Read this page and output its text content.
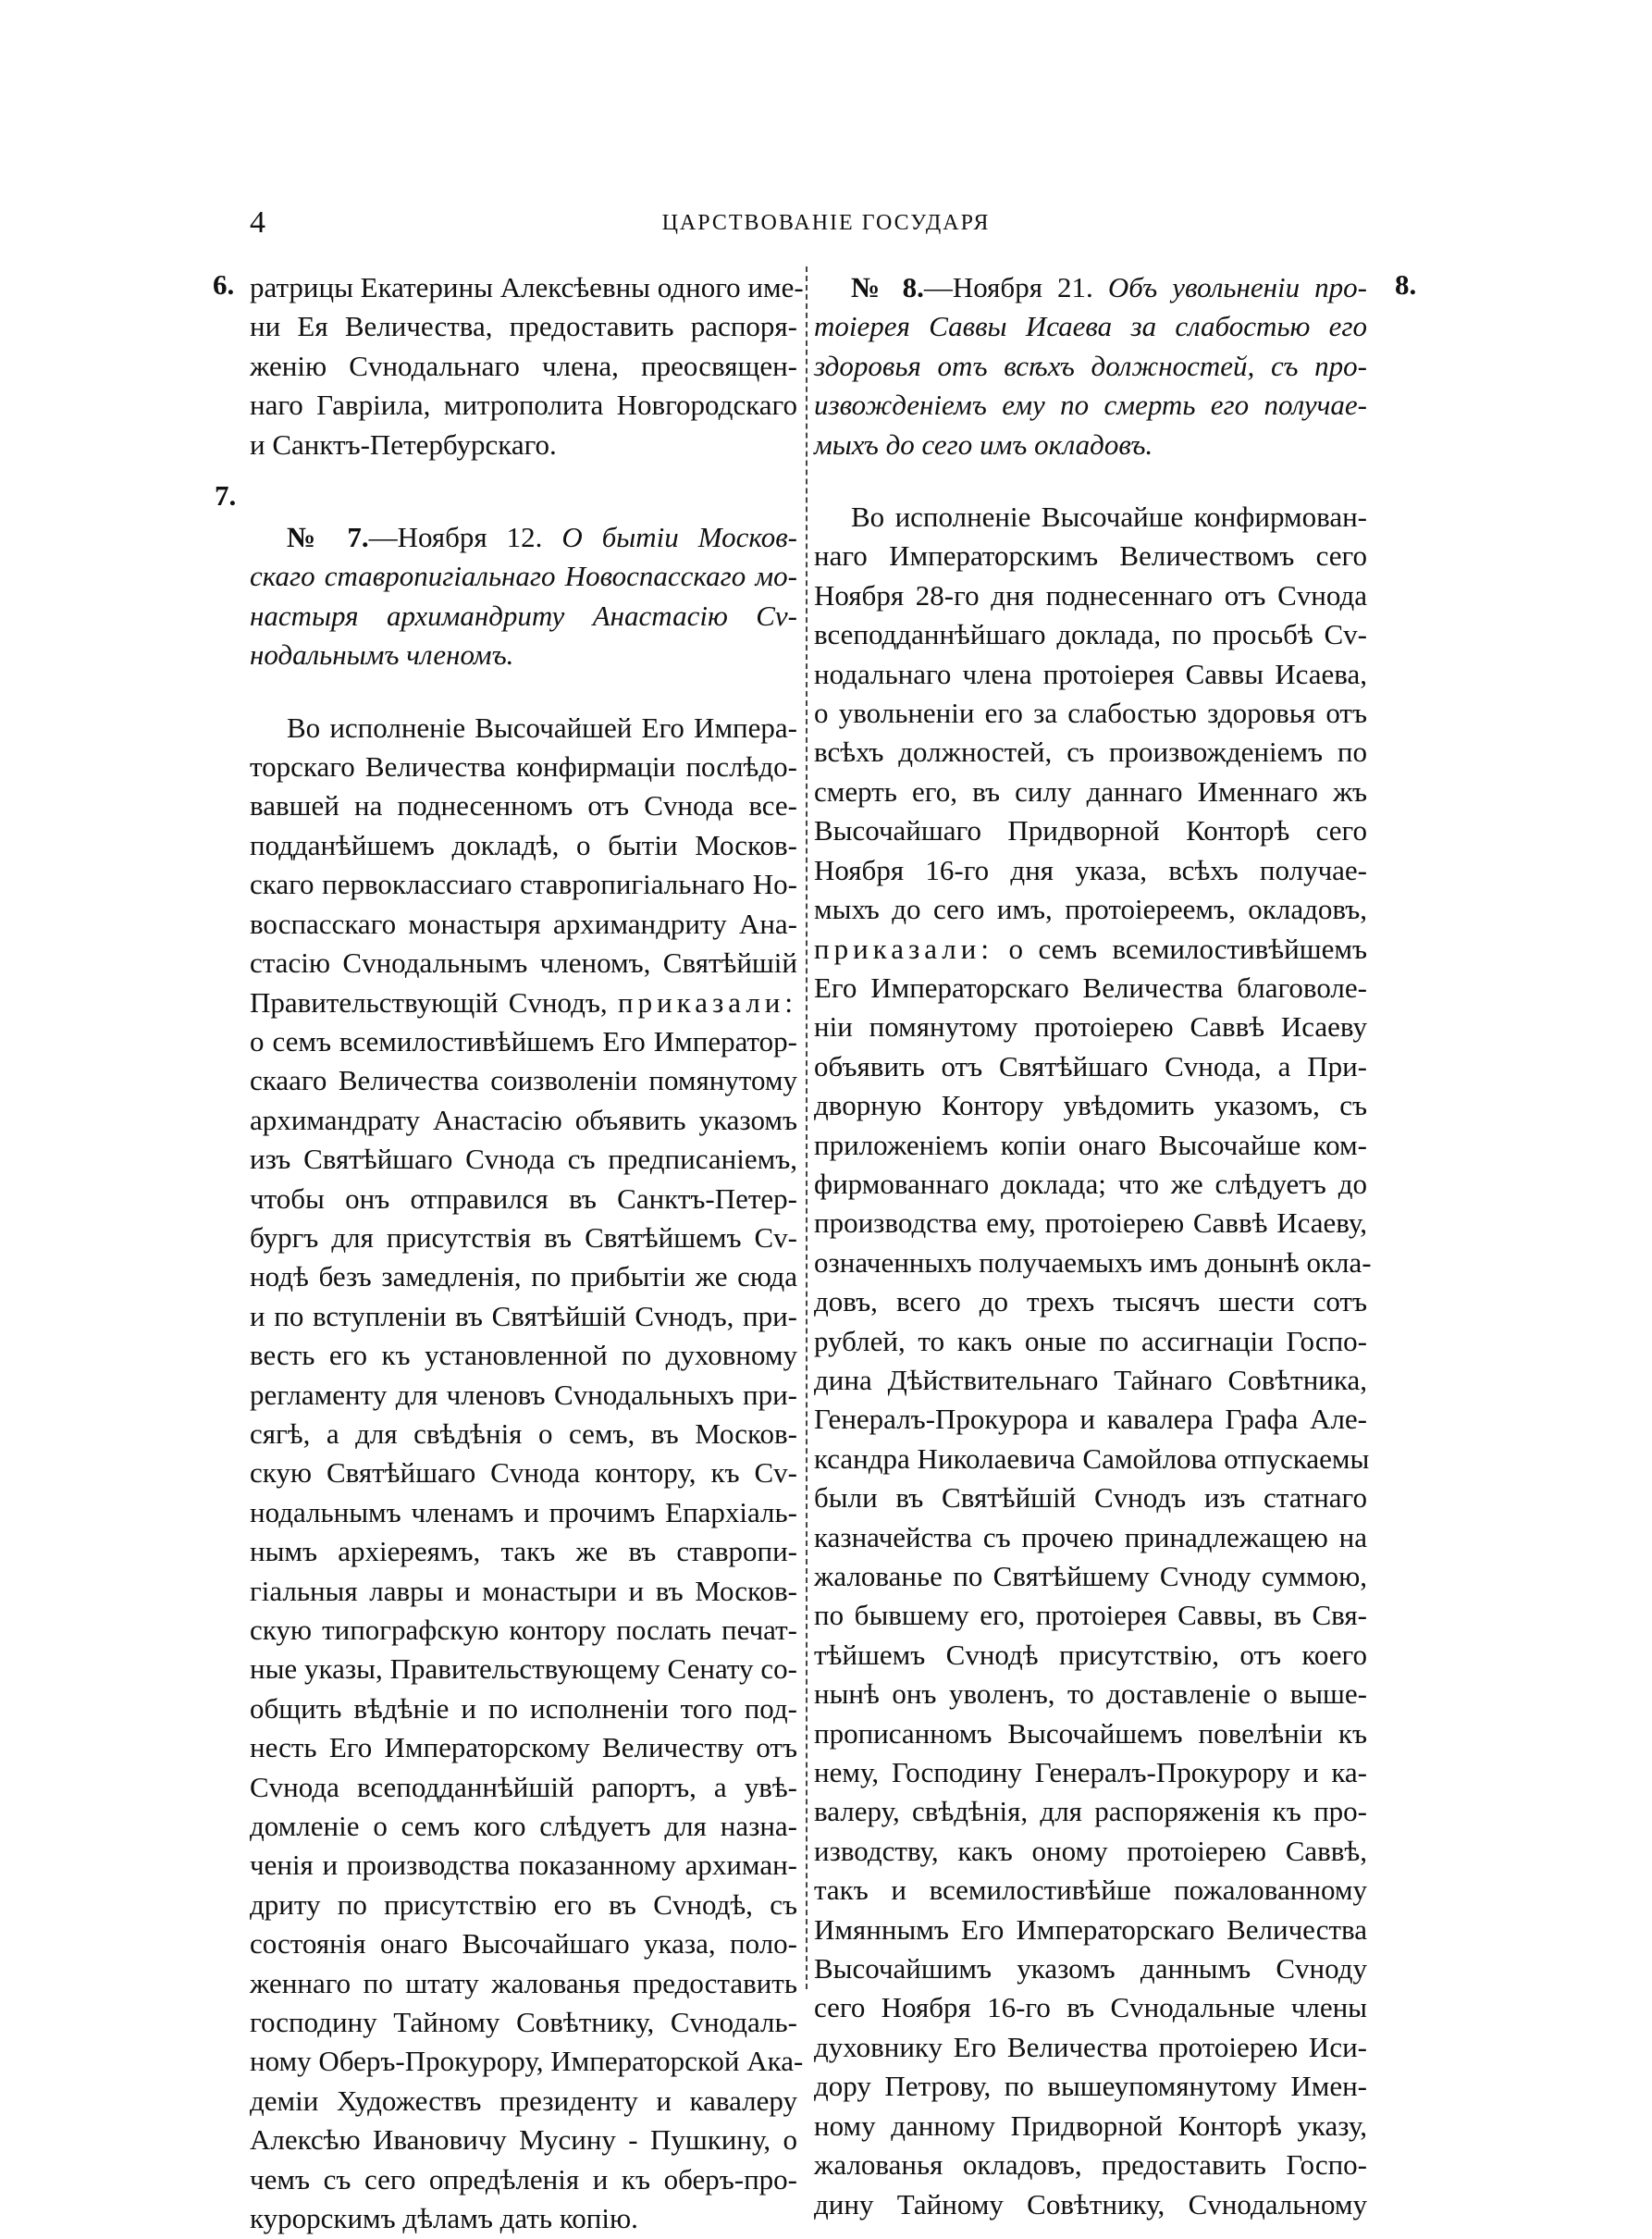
4	ЦАРСТВОВАНІЕ ГОСУДАРЯ
6.
7.
8.
ратрицы Екатерины Алексѣевны одного име-
ни Ея Величества, предоставить распоря-
женію Сvнодальнаго члена, преосвящен-
наго Гавріила, митрополита Новгородскаго
и Санктъ-Петербурскаго.
№ 7.—Ноября 12. О бытіи Москов-
скаго ставропигіальнаго Новоспасскаго мо-
настыря архимандриту Анастасію Сv-
нодальнымъ членомъ.
Во исполненіе Высочайшей Его Импера-
торскаго Величества конфирмаціи послѣдо-
вавшей на поднесенномъ отъ Сvнода все-
подданѣйшемъ докладѣ, о бытіи Москов-
скаго первоклассиаго ставропигіальнаго Но-
воспасскаго монастыря архимандриту Ана-
стасію Сvнодальнымъ членомъ, Святѣйшій
Правительствующій Сvнодъ, приказали:
о семъ всемилостивѣйшемъ Его Император-
скаaго Величества соизволеніи помянутому
архимандрату Анастасію объявить указомъ
изъ Святѣйшаго Сvнода съ предписаніемъ,
чтобы онъ отправился въ Санктъ-Петер-
бургъ для присутствія въ Святѣйшемъ Сv-
нодѣ безъ замедленія, по прибытіи же сюда
и по вступленіи въ Святѣйшій Сvнодъ, при-
весть его къ установленной по духовному
регламенту для членовъ Сvнодальныхъ при-
сягѣ, а для свѣдѣнія о семъ, въ Москов-
скую Святѣйшаго Сvнода контору, къ Сv-
нодальнымъ членамъ и прочимъ Епархіаль-
нымъ архіереямъ, такъ же въ ставропи-
гіальныя лавры и монастыри и въ Москов-
скую типографскую контору послать печат-
ные указы, Правительствующему Сенату со-
общить вѣдѣніе и по исполненіи того под-
несть Его Императорскому Величеству отъ
Сvнода всеподданнѣйшій рапортъ, а увѣ-
домленіе о семъ кого слѣдуетъ для назна-
ченія и производства показанному архиман-
дриту по присутствію его въ Сvнодѣ, съ
состоянія онаго Высочайшаго указа, поло-
женнаго по штату жалованья предоставить
господину Тайному Совѣтнику, Сvнодаль-
ному Оберъ-Прокурору, Императорской Ака-
деміи Художествъ президенту и кавалеру
Алексѣю Ивановичу Мусину - Пушкину, о
чемъ съ сего опредѣленія и къ оберъ-про-
курорскимъ дѣламъ дать копію.
№ 8.—Ноября 21. Объ увольненіи про-
тоіерея Саввы Исаева за слабостью его
здоровья отъ всѣхъ должностей, съ про-
извожденіемъ ему по смерть его получае-
мыхъ до сего имъ окладовъ.
Во исполненіе Высочайше конфирмован-
наго Императорскимъ Величествомъ сего
Ноября 28-го дня поднесеннаго отъ Сvнода
всеподданнѣйшаго доклада, по просьбѣ Сv-
нодальнаго члена протоіерея Саввы Исаева,
о увольненіи его за слабостью здоровья отъ
всѣхъ должностей, съ произвожденіемъ по
смерть его, въ силу даннаго Именнаго жъ
Высочайшаго Придворной Конторѣ сего
Ноября 16-го дня указа, всѣхъ получае-
мыхъ до сего имъ, протоіереемъ, окладовъ,
приказали: о семъ всемилостивѣйшемъ
Его Императорскаго Величества благоволе-
ніи помянутому протоіерею Саввѣ Исаеву
объявить отъ Святѣйшаго Сvнода, а При-
дворную Контору увѣдомить указомъ, съ
приложеніемъ копіи онаго Высочайше ком-
фирмованнаго доклада; что же слѣдуетъ до
производства ему, протоіерею Саввѣ Исаеву,
означенныхъ получаемыхъ имъ донынѣ окла-
довъ, всего до трехъ тысячъ шести сотъ
рублей, то какъ оные по ассигнаціи Госпо-
дина Дѣйствительнаго Тайнаго Совѣтника,
Генералъ-Прокурора и кавалера Графа Але-
ксандра Николаевича Самойлова отпускаемы
были въ Святѣйшій Сvнодъ изъ статнаго
казначейства съ прочею принадлежащею на
жалованье по Святѣйшему Сvноду суммою,
по бывшему его, протоіерея Саввы, въ Свя-
тѣйшемъ Сvнодѣ присутствію, отъ коего
нынѣ онъ уволенъ, то доставленіе о выше-
прописанномъ Высочайшемъ повелѣніи къ
нему, Господину Генералъ-Прокурору и ка-
валеру, свѣдѣнія, для распоряженія къ про-
изводству, какъ оному протоіерею Саввѣ,
такъ и всемилостивѣйше пожалованному
Имяннымъ Его Императорскаго Величества
Высочайшимъ указомъ даннымъ Сvноду
сего Ноября 16-го въ Сvнодальные члены
духовнику Его Величества протоіерею Иси-
дору Петрову, по вышеупомянутому Имен-
ному данному Придворной Конторѣ указу,
жалованья окладовъ, предоставить Госпо-
дину Тайному Совѣтнику, Сvнодальному
